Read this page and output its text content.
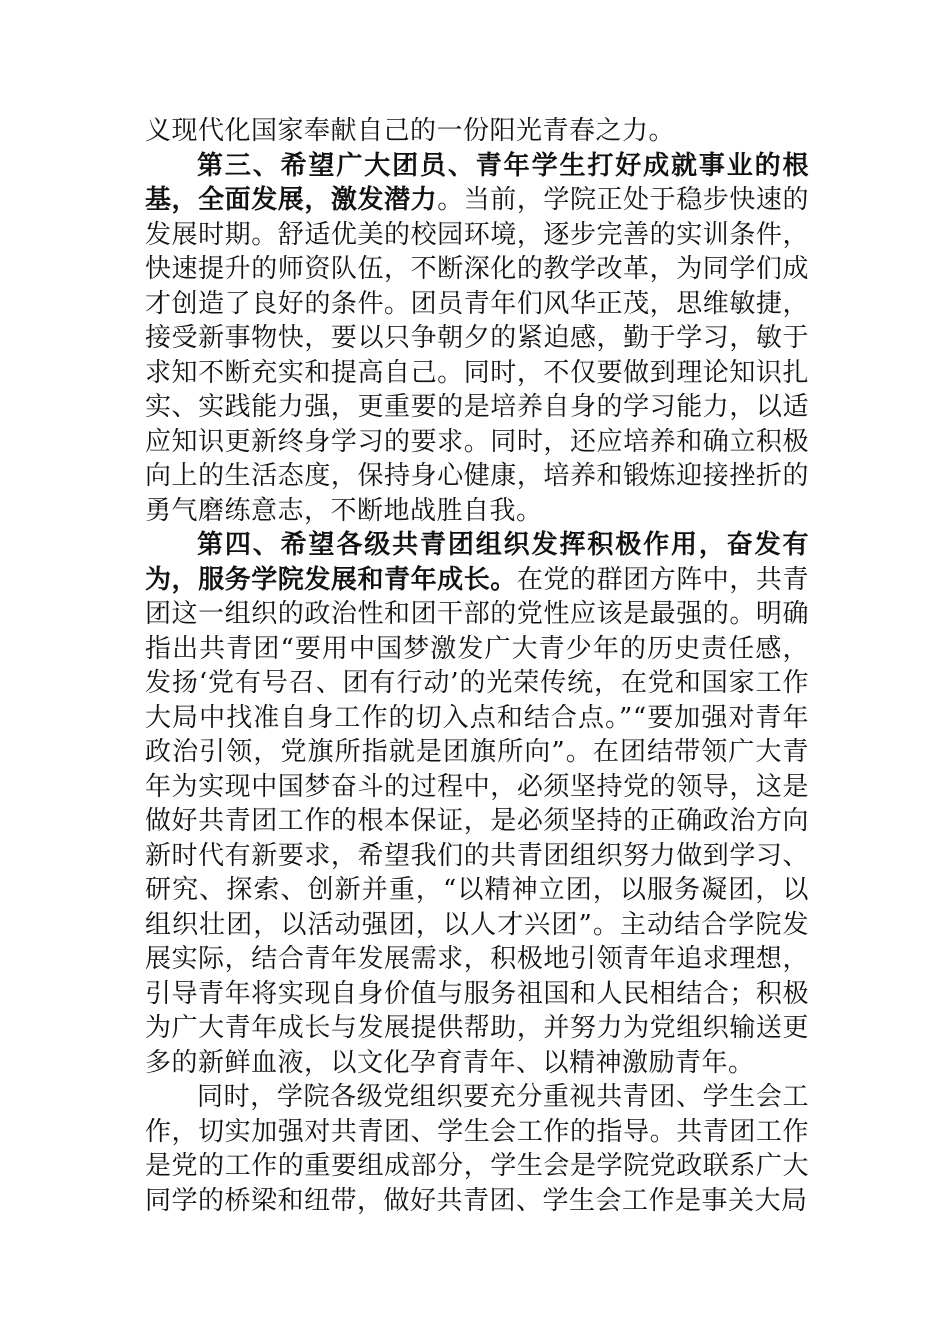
义现代化国家奉献自己的一份阳光青春之力。

第三、希望广大团员、青年学生打好成就事业的根基，全面发展，激发潜力。当前，学院正处于稳步快速的发展时期。舒适优美的校园环境，逐步完善的实训条件，快速提升的师资队伍，不断深化的教学改革，为同学们成才创造了良好的条件。团员青年们风华正茂，思维敏捷，接受新事物快，要以只争朝夕的紧迫感，勤于学习，敏于求知不断充实和提高自己。同时，不仅要做到理论知识扎实、实践能力强，更重要的是培养自身的学习能力，以适应知识更新终身学习的要求。同时，还应培养和确立积极向上的生活态度，保持身心健康，培养和锻炼迎接挫折的勇气磨练意志，不断地战胜自我。

第四、希望各级共青团组织发挥积极作用，奋发有为，服务学院发展和青年成长。在党的群团方阵中，共青团这一组织的政治性和团干部的党性应该是最强的。明确指出共青团“要用中国梦激发广大青少年的历史责任感，发扬‘党有号召、团有行动’的光荣传统，在党和国家工作大局中找准自身工作的切入点和结合点。”“要加强对青年政治引领，党旗所指就是团旗所向”。在团结带领广大青年为实现中国梦奋斗的过程中，必须坚持党的领导，这是做好共青团工作的根本保证，是必须坚持的正确政治方向新时代有新要求，希望我们的共青团组织努力做到学习、研究、探索、创新并重，“以精神立团，以服务凝团，以组织壮团，以活动强团，以人才兴团”。主动结合学院发展实际，结合青年发展需求，积极地引领青年追求理想，引导青年将实现自身价值与服务祖国和人民相结合；积极为广大青年成长与发展提供帮助，并努力为党组织输送更多的新鲜血液，以文化孕育青年、以精神激励青年。

同时，学院各级党组织要充分重视共青团、学生会工作，切实加强对共青团、学生会工作的指导。共青团工作是党的工作的重要组成部分，学生会是学院党政联系广大同学的桥梁和纽带，做好共青团、学生会工作是事关大局
